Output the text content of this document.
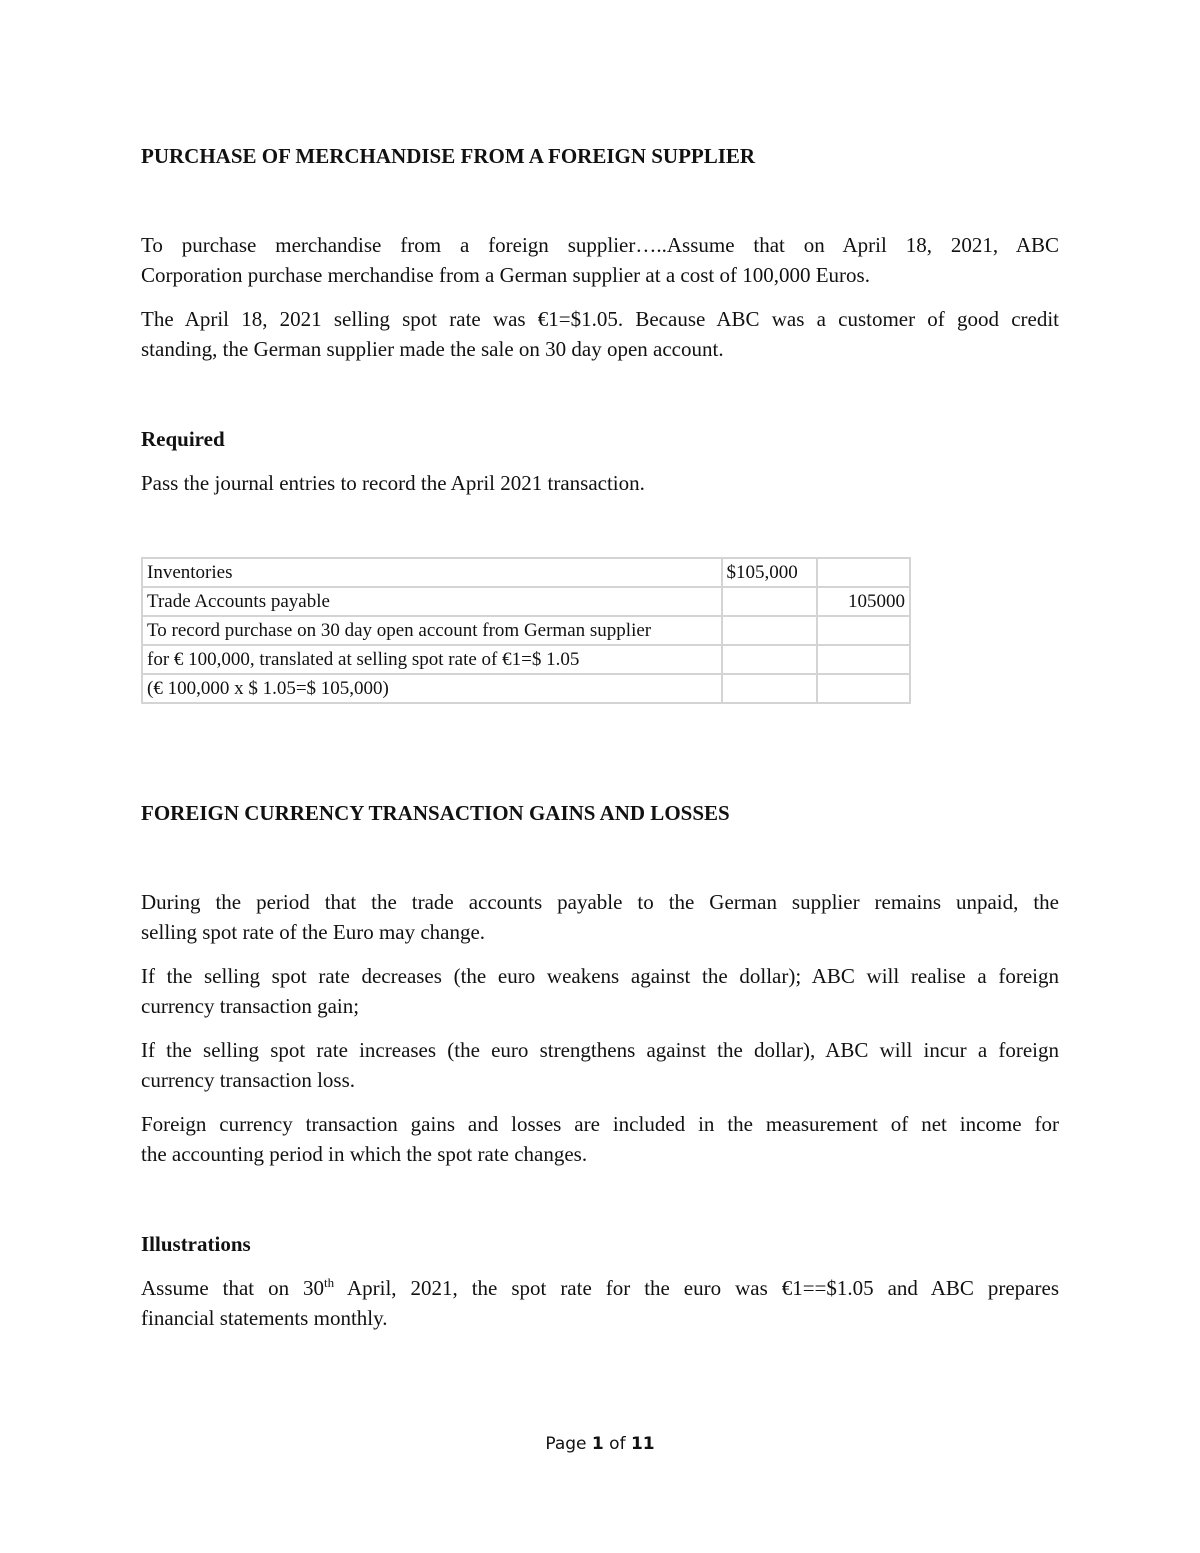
PURCHASE OF MERCHANDISE FROM A FOREIGN SUPPLIER

To purchase merchandise from a foreign supplier…..Assume that on April 18, 2021, ABC
Corporation purchase merchandise from a German supplier at a cost of 100,000 Euros.

The April 18, 2021 selling spot rate was €1=$1.05. Because ABC was a customer of good credit
standing, the German supplier made the sale on 30 day open account.

Required

Pass the journal entries to record the April 2021 transaction.

Inventories	$105,000	
Trade Accounts payable		105000
To record purchase on 30 day open account from German supplier		
for € 100,000, translated at selling spot rate of €1=$ 1.05		
(€ 100,000 x $ 1.05=$ 105,000)		

FOREIGN CURRENCY TRANSACTION GAINS AND LOSSES

During the period that the trade accounts payable to the German supplier remains unpaid, the
selling spot rate of the Euro may change.

If the selling spot rate decreases (the euro weakens against the dollar); ABC will realise a foreign
currency transaction gain;

If the selling spot rate increases (the euro strengthens against the dollar), ABC will incur a foreign
currency transaction loss.

Foreign currency transaction gains and losses are included in the measurement of net income for
the accounting period in which the spot rate changes.

Illustrations

Assume that on 30th April, 2021, the spot rate for the euro was €1==$1.05 and ABC prepares
financial statements monthly.

Page 1 of 11
